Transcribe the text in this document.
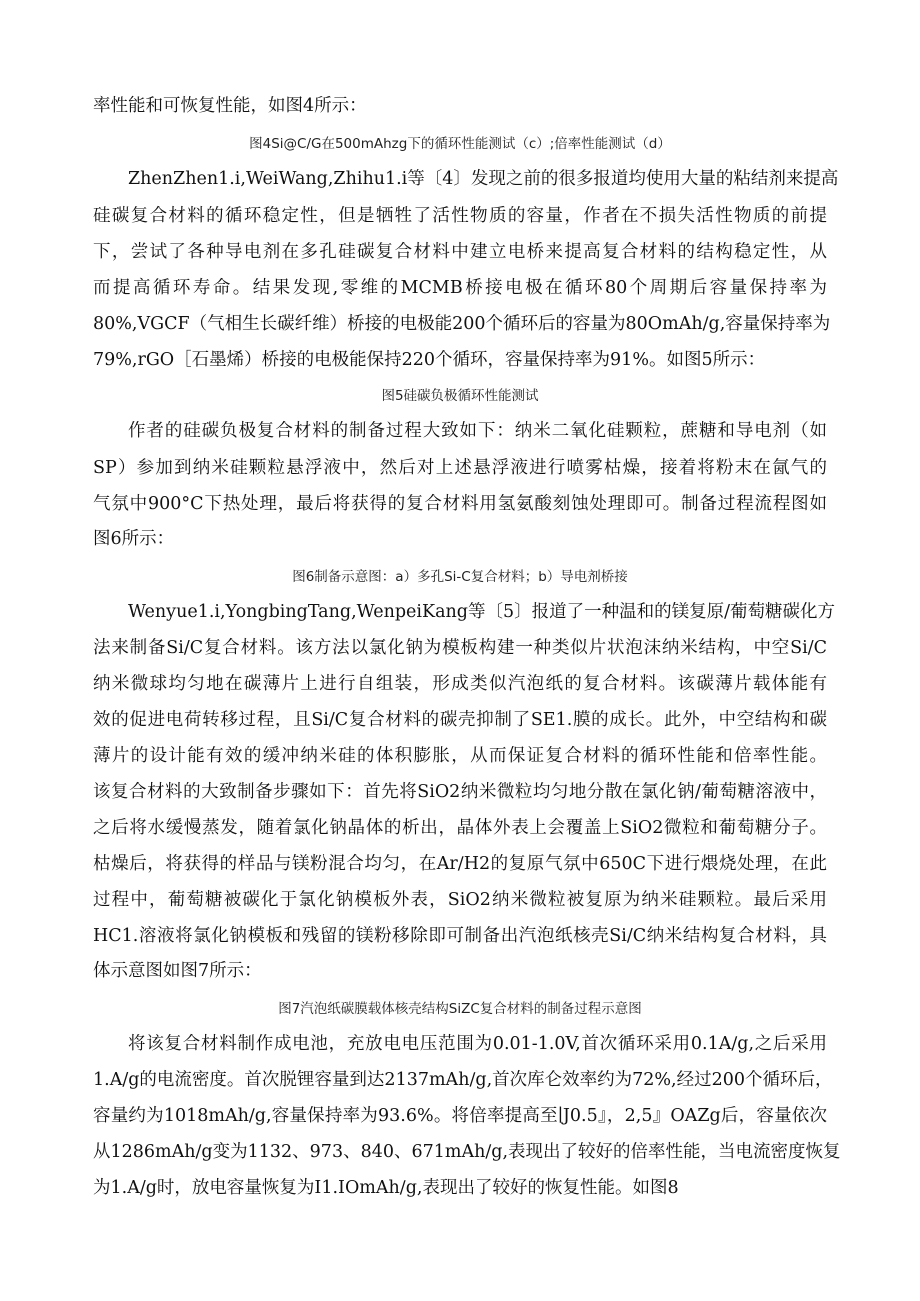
率性能和可恢复性能，如图4所示：
图4Si@C/G在500mAhzg下的循环性能测试（c）;倍率性能测试（d）
ZhenZhen1.i,WeiWang,Zhihu1.i等〔4〕发现之前的很多报道均使用大量的粘结剂来提高
硅碳复合材料的循环稳定性，但是牺牲了活性物质的容量，作者在不损失活性物质的前提
下，尝试了各种导电剂在多孔硅碳复合材料中建立电桥来提高复合材料的结构稳定性，从
而提高循环寿命。结果发现,零维的MCMB桥接电极在循环80个周期后容量保持率为
80%,VGCF（气相生长碳纤维）桥接的电极能200个循环后的容量为80OmAh∕g,容量保持率为
79%,rGO［石墨烯）桥接的电极能保持220个循环，容量保持率为91%。如图5所示：
图5硅碳负极循环性能测试
作者的硅碳负极复合材料的制备过程大致如下：纳米二氧化硅颗粒，蔗糖和导电剂（如
SP）参加到纳米硅颗粒悬浮液中，然后对上述悬浮液进行喷雾枯燥，接着将粉末在氤气的
气氛中900°C下热处理，最后将获得的复合材料用氢氨酸刻蚀处理即可。制备过程流程图如
图6所示：
图6制备示意图：a）多孔Si-C复合材料；b）导电剂桥接
Wenyue1.i,YongbingTang,WenpeiKang等〔5〕报道了一种温和的镁复原/葡萄糖碳化方
法来制备Si/C复合材料。该方法以氯化钠为模板构建一种类似片状泡沫纳米结构，中空Si/C
纳米微球均匀地在碳薄片上进行自组装，形成类似汽泡纸的复合材料。该碳薄片载体能有
效的促进电荷转移过程，且Si/C复合材料的碳壳抑制了SE1.膜的成长。此外，中空结构和碳
薄片的设计能有效的缓冲纳米硅的体积膨胀，从而保证复合材料的循环性能和倍率性能。
该复合材料的大致制备步骤如下：首先将SiO2纳米微粒均匀地分散在氯化钠/葡萄糖溶液中，
之后将水缓慢蒸发，随着氯化钠晶体的析出，晶体外表上会覆盖上SiO2微粒和葡萄糖分子。
枯燥后，将获得的样品与镁粉混合均匀，在Ar∕H2的复原气氛中650C下进行煨烧处理，在此
过程中，葡萄糖被碳化于氯化钠模板外表，SiO2纳米微粒被复原为纳米硅颗粒。最后采用
HC1.溶液将氯化钠模板和残留的镁粉移除即可制备出汽泡纸核壳Si/C纳米结构复合材料，具
体示意图如图7所示：
图7汽泡纸碳膜载体核壳结构SiZC复合材料的制备过程示意图
将该复合材料制作成电池，充放电电压范围为0.01-1.0V,首次循环采用0.1A∕g,之后采用
1.A/g的电流密度。首次脱锂容量到达2137mAh∕g,首次库仑效率约为72%,经过200个循环后，
容量约为1018mAh∕g,容量保持率为93.6%。将倍率提高至∣J0.5』，2,5』OAZg后，容量依次
从1286mAh∕g变为1132、973、840、671mAh∕g,表现出了较好的倍率性能，当电流密度恢复
为1.A/g时，放电容量恢复为I1.IOmAh∕g,表现出了较好的恢复性能。如图8
